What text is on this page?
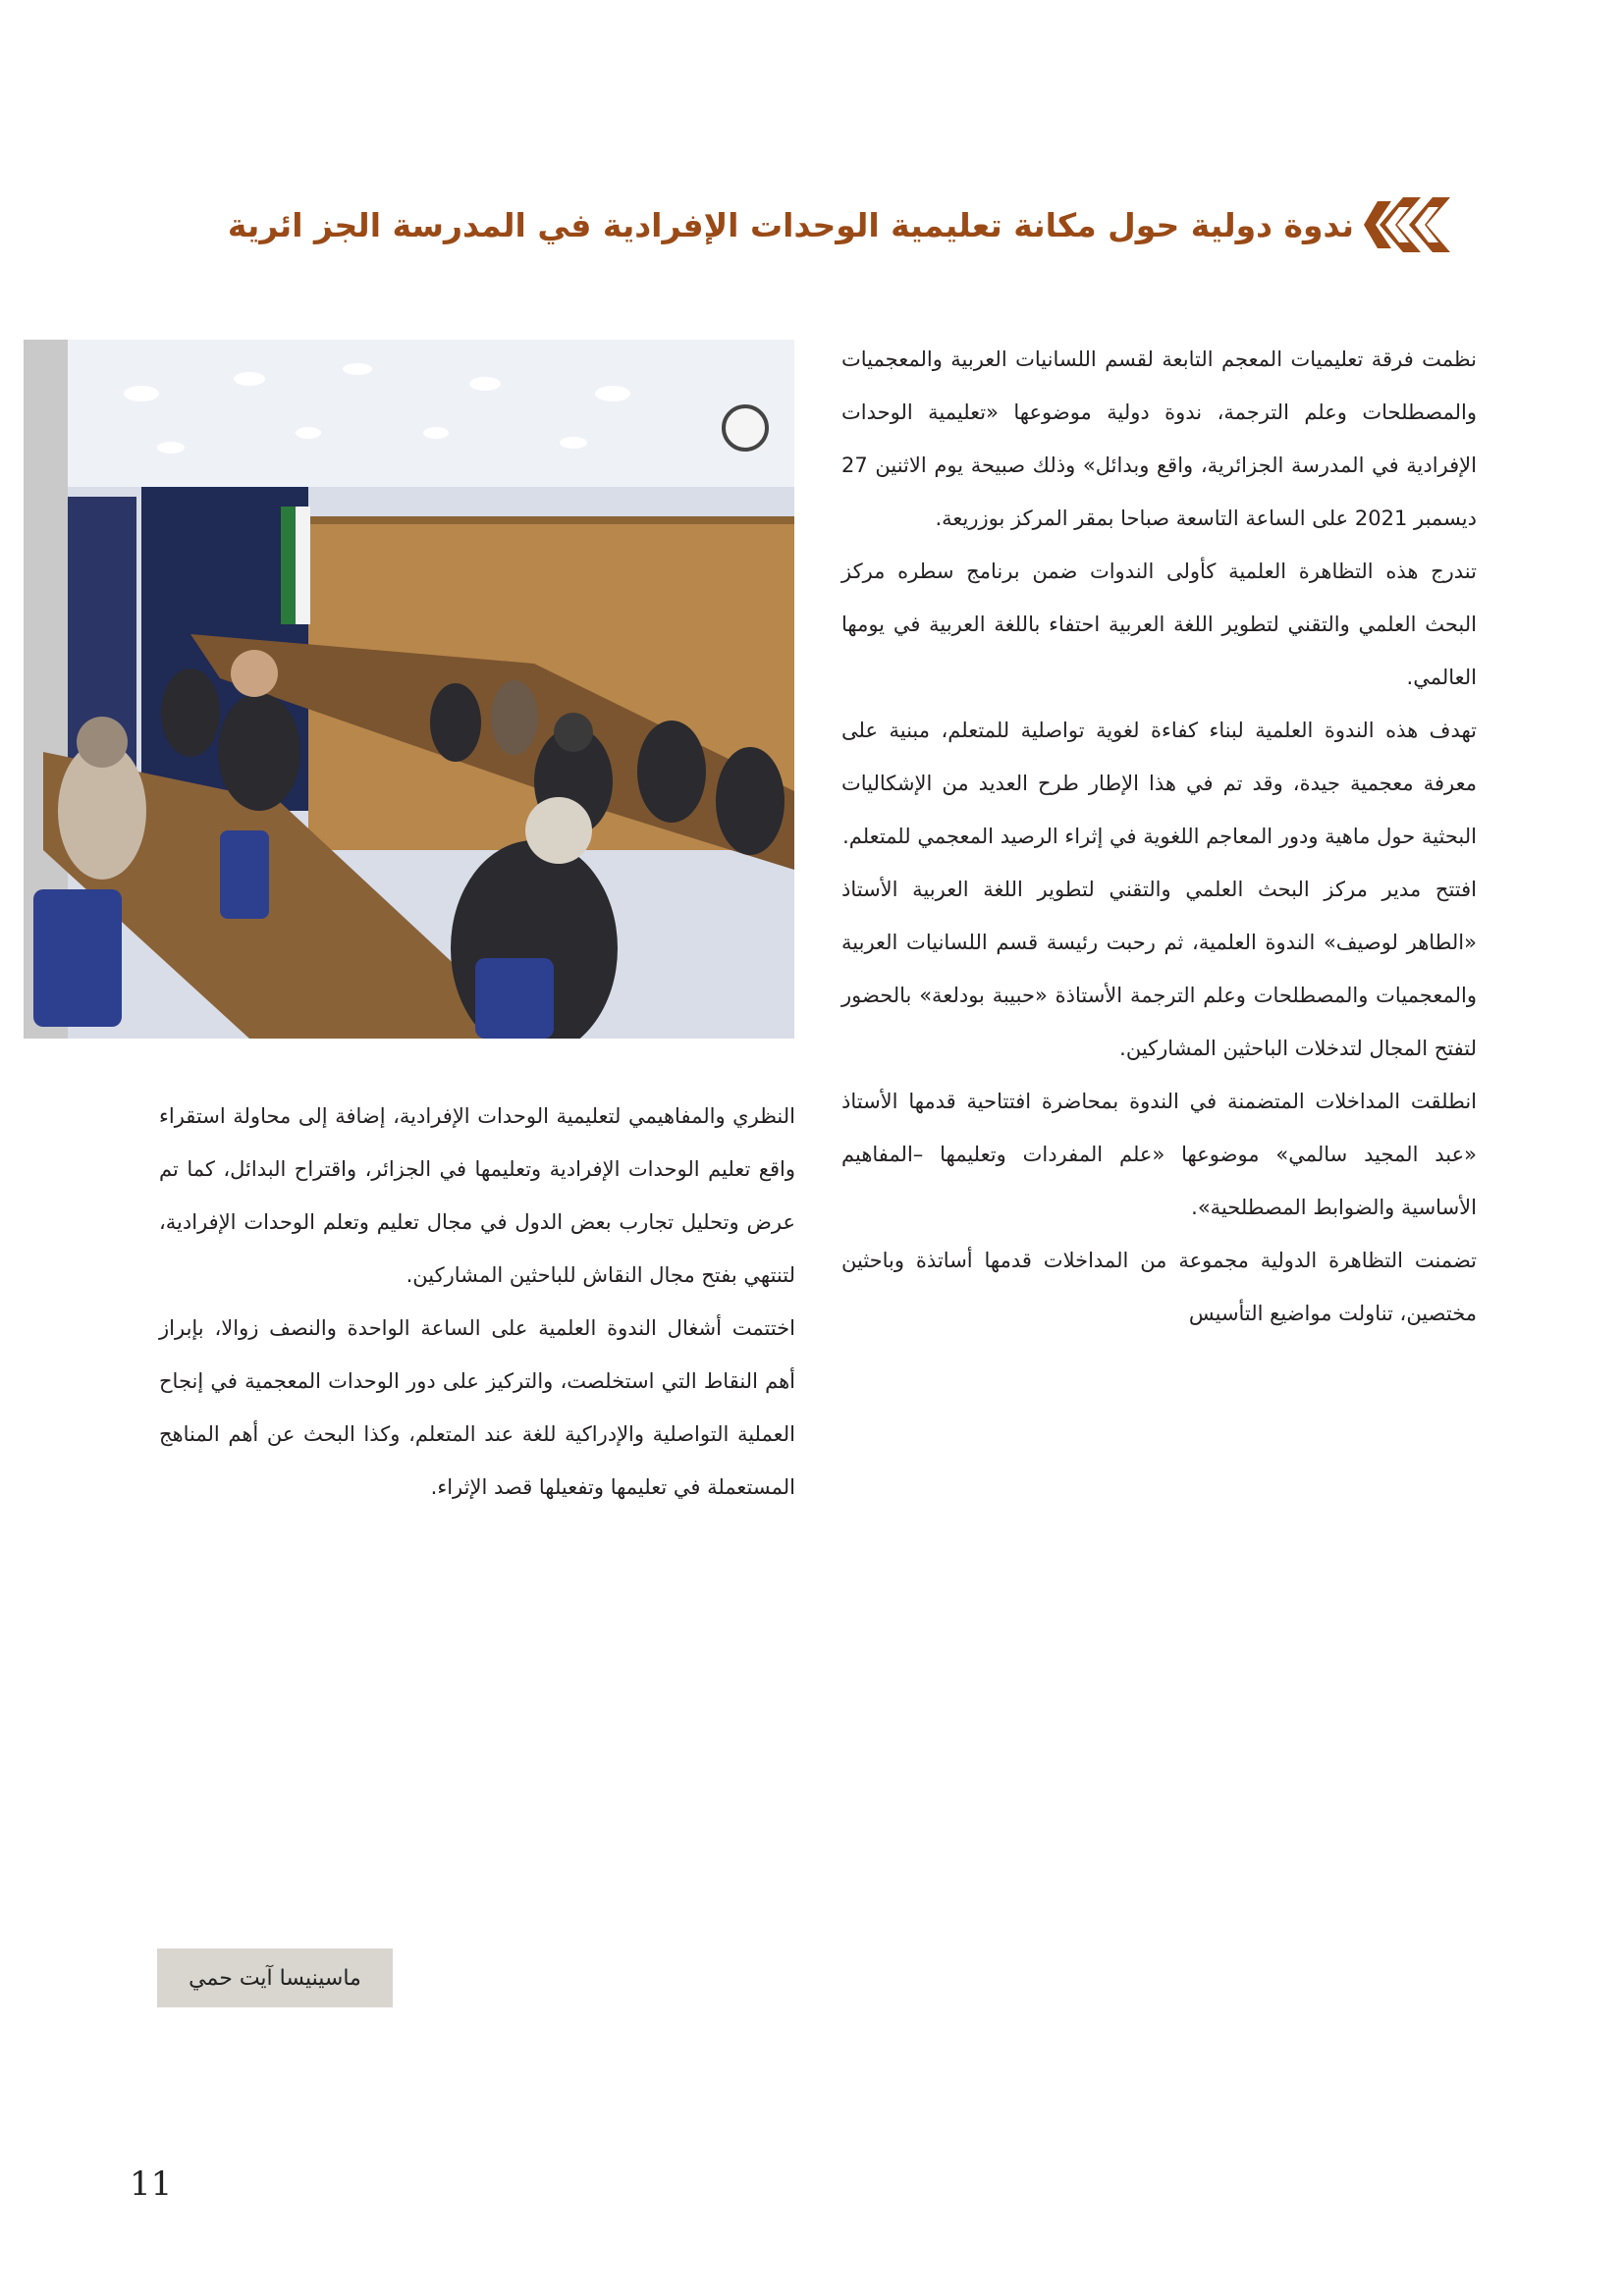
ندوة دولية حول مكانة تعليمية الوحدات الإفرادية في المدرسة الجز ائرية

نظمت فرقة تعليميات المعجم التابعة لقسم اللسانيات العربية والمعجميات والمصطلحات وعلم الترجمة، ندوة دولية موضوعها «تعليمية الوحدات الإفرادية في المدرسة الجزائرية، واقع وبدائل» وذلك صبيحة يوم الاثنين 27 ديسمبر 2021 على الساعة التاسعة صباحا بمقر المركز بوزريعة.

تندرج هذه التظاهرة العلمية كأولى الندوات ضمن برنامج سطره مركز البحث العلمي والتقني لتطوير اللغة العربية احتفاء باللغة العربية في يومها العالمي.

تهدف هذه الندوة العلمية لبناء كفاءة لغوية تواصلية للمتعلم، مبنية على معرفة معجمية جيدة، وقد تم في هذا الإطار طرح العديد من الإشكاليات البحثية حول ماهية ودور المعاجم اللغوية في إثراء الرصيد المعجمي للمتعلم.

افتتح مدير مركز البحث العلمي والتقني لتطوير اللغة العربية الأستاذ «الطاهر لوصيف» الندوة العلمية، ثم رحبت رئيسة قسم اللسانيات العربية والمعجميات والمصطلحات وعلم الترجمة الأستاذة «حبيبة بودلعة» بالحضور لتفتح المجال لتدخلات الباحثين المشاركين.

انطلقت المداخلات المتضمنة في الندوة بمحاضرة افتتاحية قدمها الأستاذ «عبد المجيد سالمي» موضوعها «علم المفردات وتعليمها –المفاهيم الأساسية والضوابط المصطلحية».

تضمنت التظاهرة الدولية مجموعة من المداخلات قدمها أساتذة وباحثين مختصين، تناولت مواضيع التأسيس

النظري والمفاهيمي لتعليمية الوحدات الإفرادية، إضافة إلى محاولة استقراء واقع تعليم الوحدات الإفرادية وتعليمها في الجزائر، واقتراح البدائل، كما تم عرض وتحليل تجارب بعض الدول في مجال تعليم وتعلم الوحدات الإفرادية، لتنتهي بفتح مجال النقاش للباحثين المشاركين.

اختتمت أشغال الندوة العلمية على الساعة الواحدة والنصف زوالا، بإبراز أهم النقاط التي استخلصت، والتركيز على دور الوحدات المعجمية في إنجاح العملية التواصلية والإدراكية للغة عند المتعلم، وكذا البحث عن أهم المناهج المستعملة في تعليمها وتفعيلها قصد الإثراء.

ماسينيسا آيت حمي
11
